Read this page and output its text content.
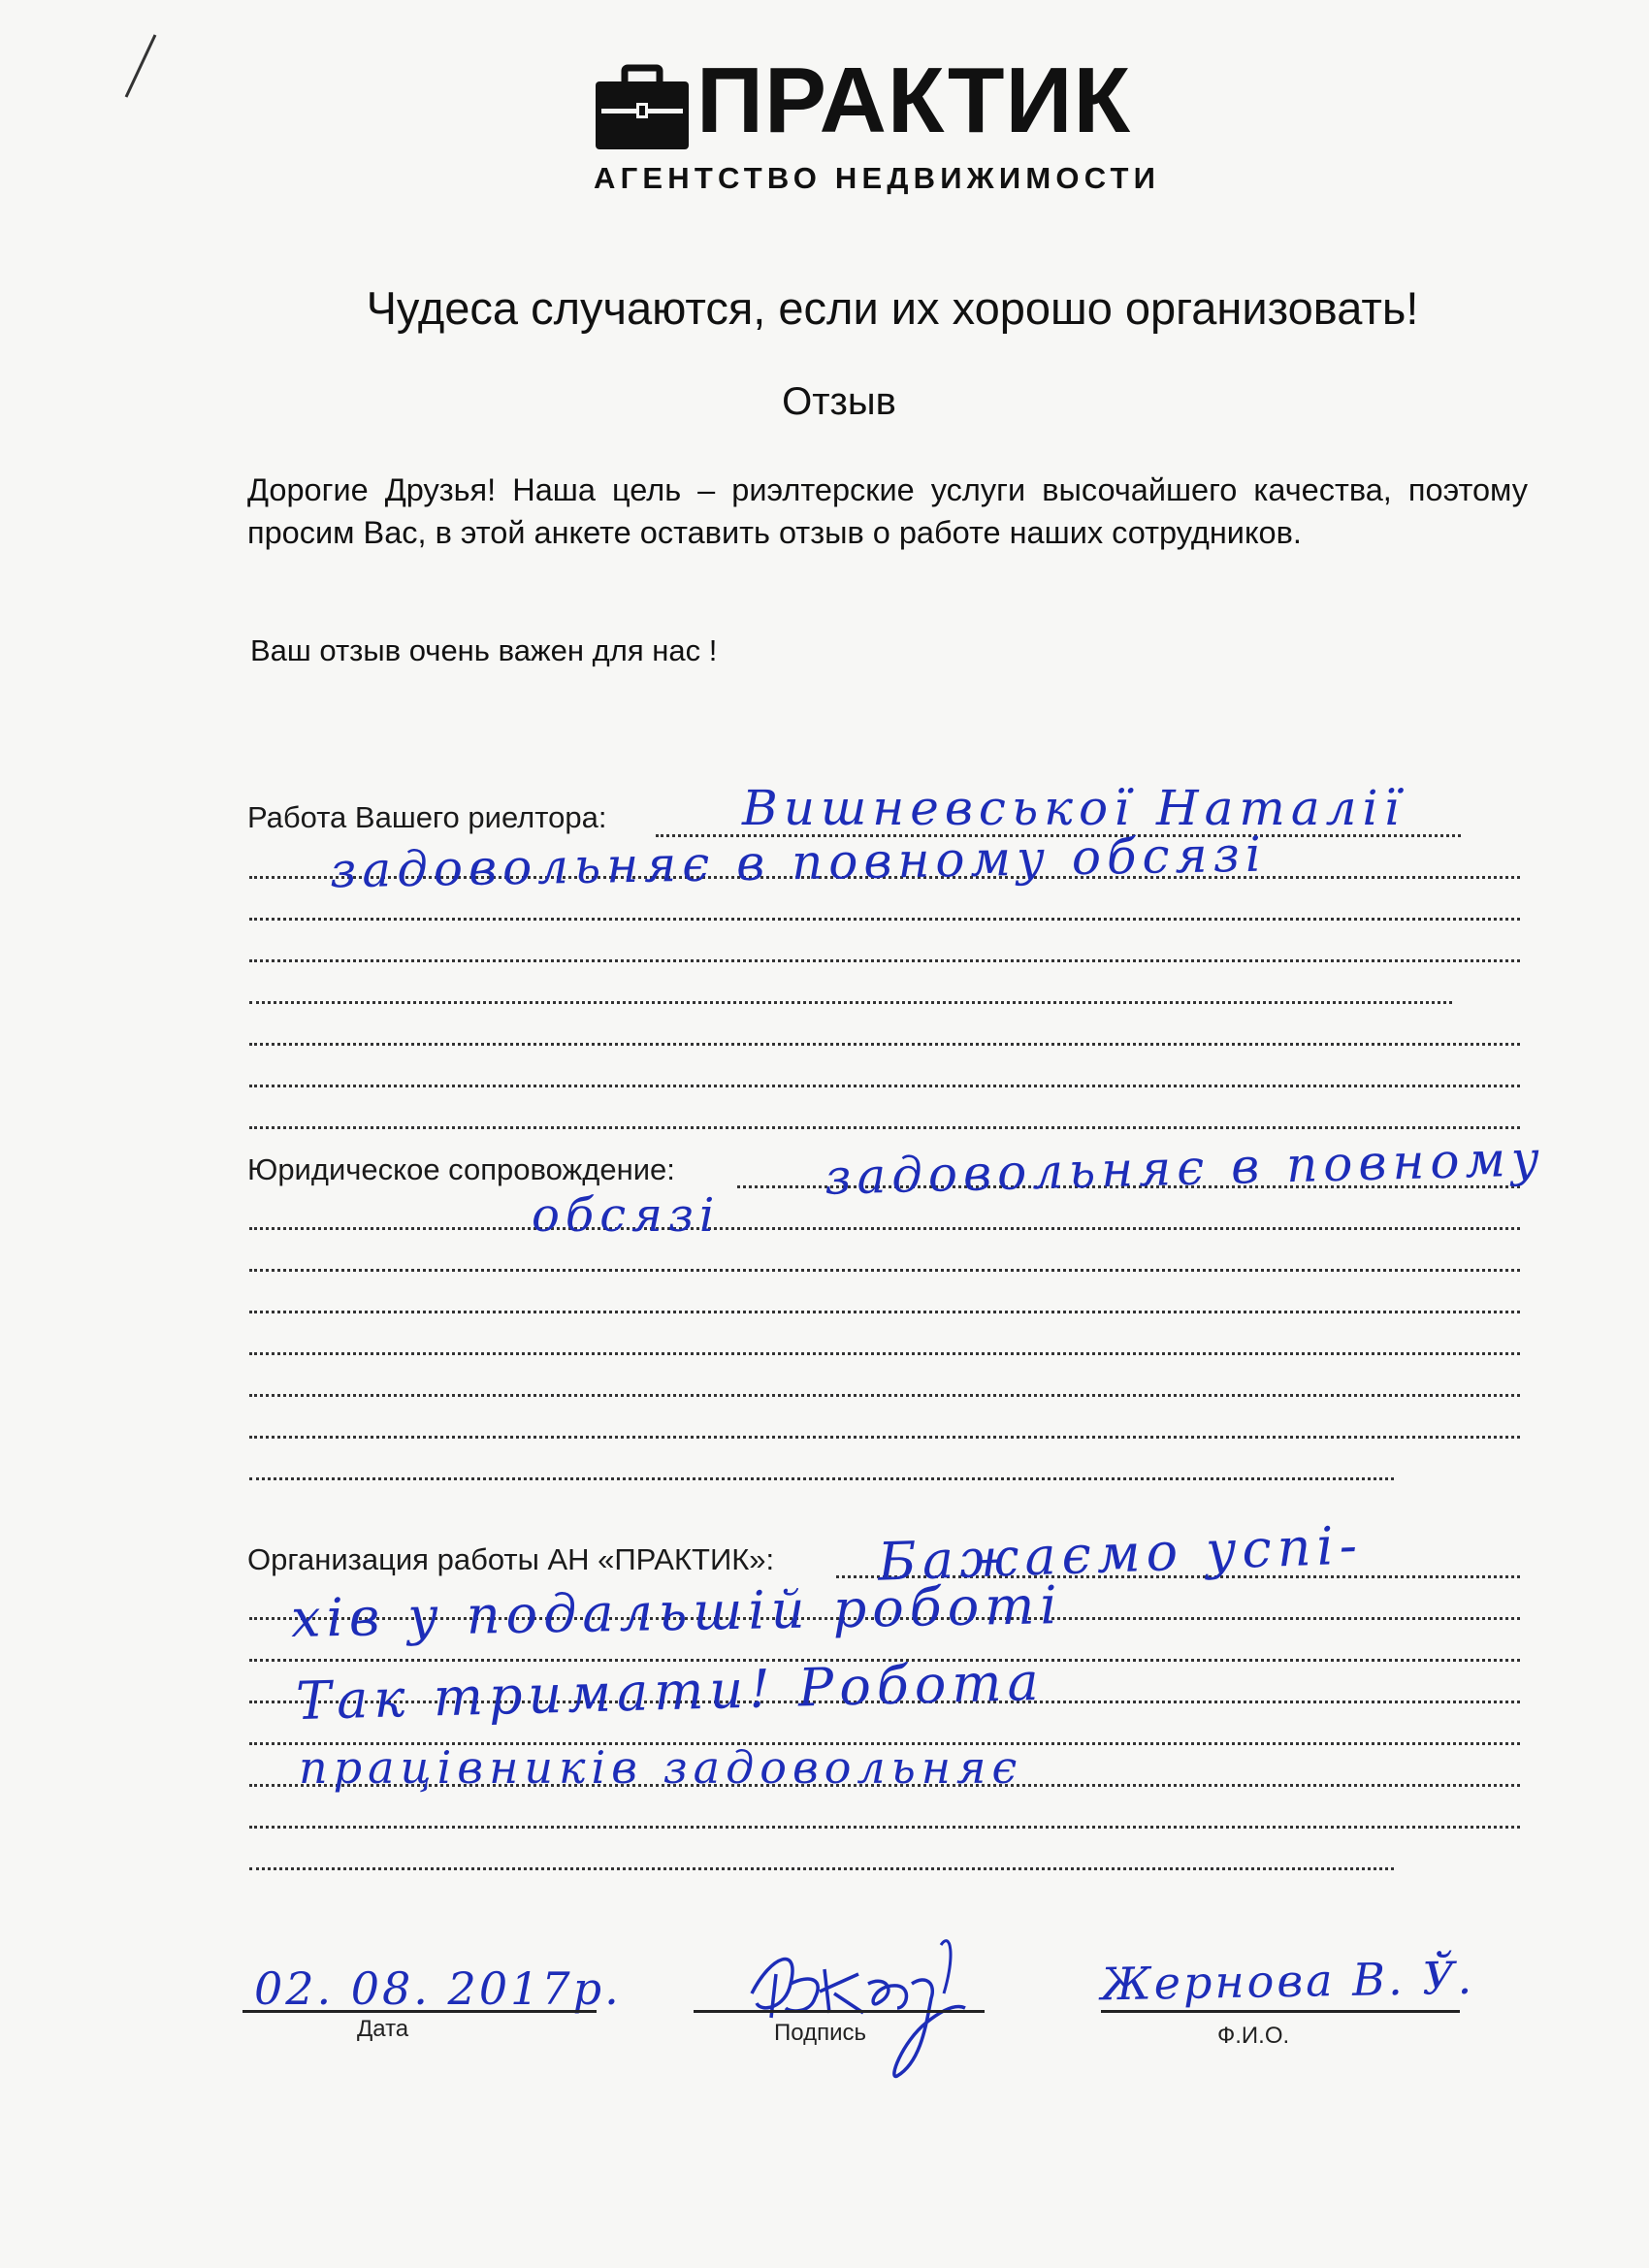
ПРАКТИК
АГЕНТСТВО НЕДВИЖИМОСТИ
Чудеса случаются, если их хорошо организовать!
Отзыв
Дорогие Друзья! Наша цель – риэлтерские услуги высочайшего качества, поэтому просим Вас, в этой анкете оставить отзыв о работе наших сотрудников.
Ваш отзыв очень важен для нас !
Работа Вашего риелтора:	Вишневської Наталії
задовольняє в повному обсязі
Юридическое сопровождение:	задовольняє в повному
обсязі
Организация работы АН «ПРАКТИК»: Бажаємо успі-
хів у подальшій роботі
Так тримати! Робота
працівників задовольняє
02. 08. 2017р.
Дата	Подпись
Жернова В. Ў.
Ф.И.О.
